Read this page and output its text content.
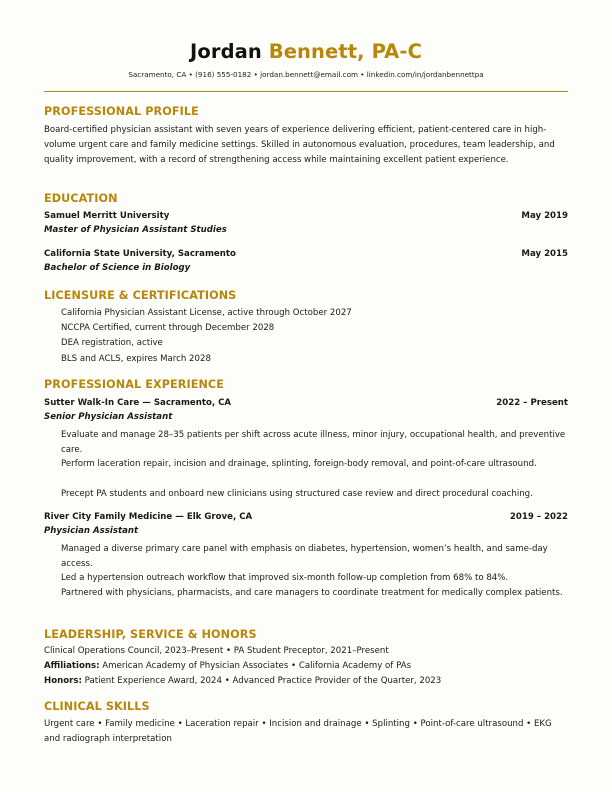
Jordan Bennett, PA-C
Sacramento, CA • (916) 555-0182 • jordan.bennett@email.com • linkedin.com/in/jordanbennettpa
PROFESSIONAL PROFILE
Board-certified physician assistant with seven years of experience delivering efficient, patient-centered care in high-volume urgent care and family medicine settings. Skilled in autonomous evaluation, procedures, team leadership, and quality improvement, with a record of strengthening access while maintaining excellent patient experience.
EDUCATION
Samuel Merritt University	May 2019
Master of Physician Assistant Studies
California State University, Sacramento	May 2015
Bachelor of Science in Biology
LICENSURE & CERTIFICATIONS
California Physician Assistant License, active through October 2027
NCCPA Certified, current through December 2028
DEA registration, active
BLS and ACLS, expires March 2028
PROFESSIONAL EXPERIENCE
Sutter Walk-In Care — Sacramento, CA	2022 – Present
Senior Physician Assistant
Evaluate and manage 28–35 patients per shift across acute illness, minor injury, occupational health, and preventive care.
Perform laceration repair, incision and drainage, splinting, foreign-body removal, and point-of-care ultrasound.
Precept PA students and onboard new clinicians using structured case review and direct procedural coaching.
River City Family Medicine — Elk Grove, CA	2019 – 2022
Physician Assistant
Managed a diverse primary care panel with emphasis on diabetes, hypertension, women’s health, and same-day access.
Led a hypertension outreach workflow that improved six-month follow-up completion from 68% to 84%.
Partnered with physicians, pharmacists, and care managers to coordinate treatment for medically complex patients.
LEADERSHIP, SERVICE & HONORS
Clinical Operations Council, 2023–Present • PA Student Preceptor, 2021–Present
Affiliations: American Academy of Physician Associates • California Academy of PAs
Honors: Patient Experience Award, 2024 • Advanced Practice Provider of the Quarter, 2023
CLINICAL SKILLS
Urgent care • Family medicine • Laceration repair • Incision and drainage • Splinting • Point-of-care ultrasound • EKG and radiograph interpretation
